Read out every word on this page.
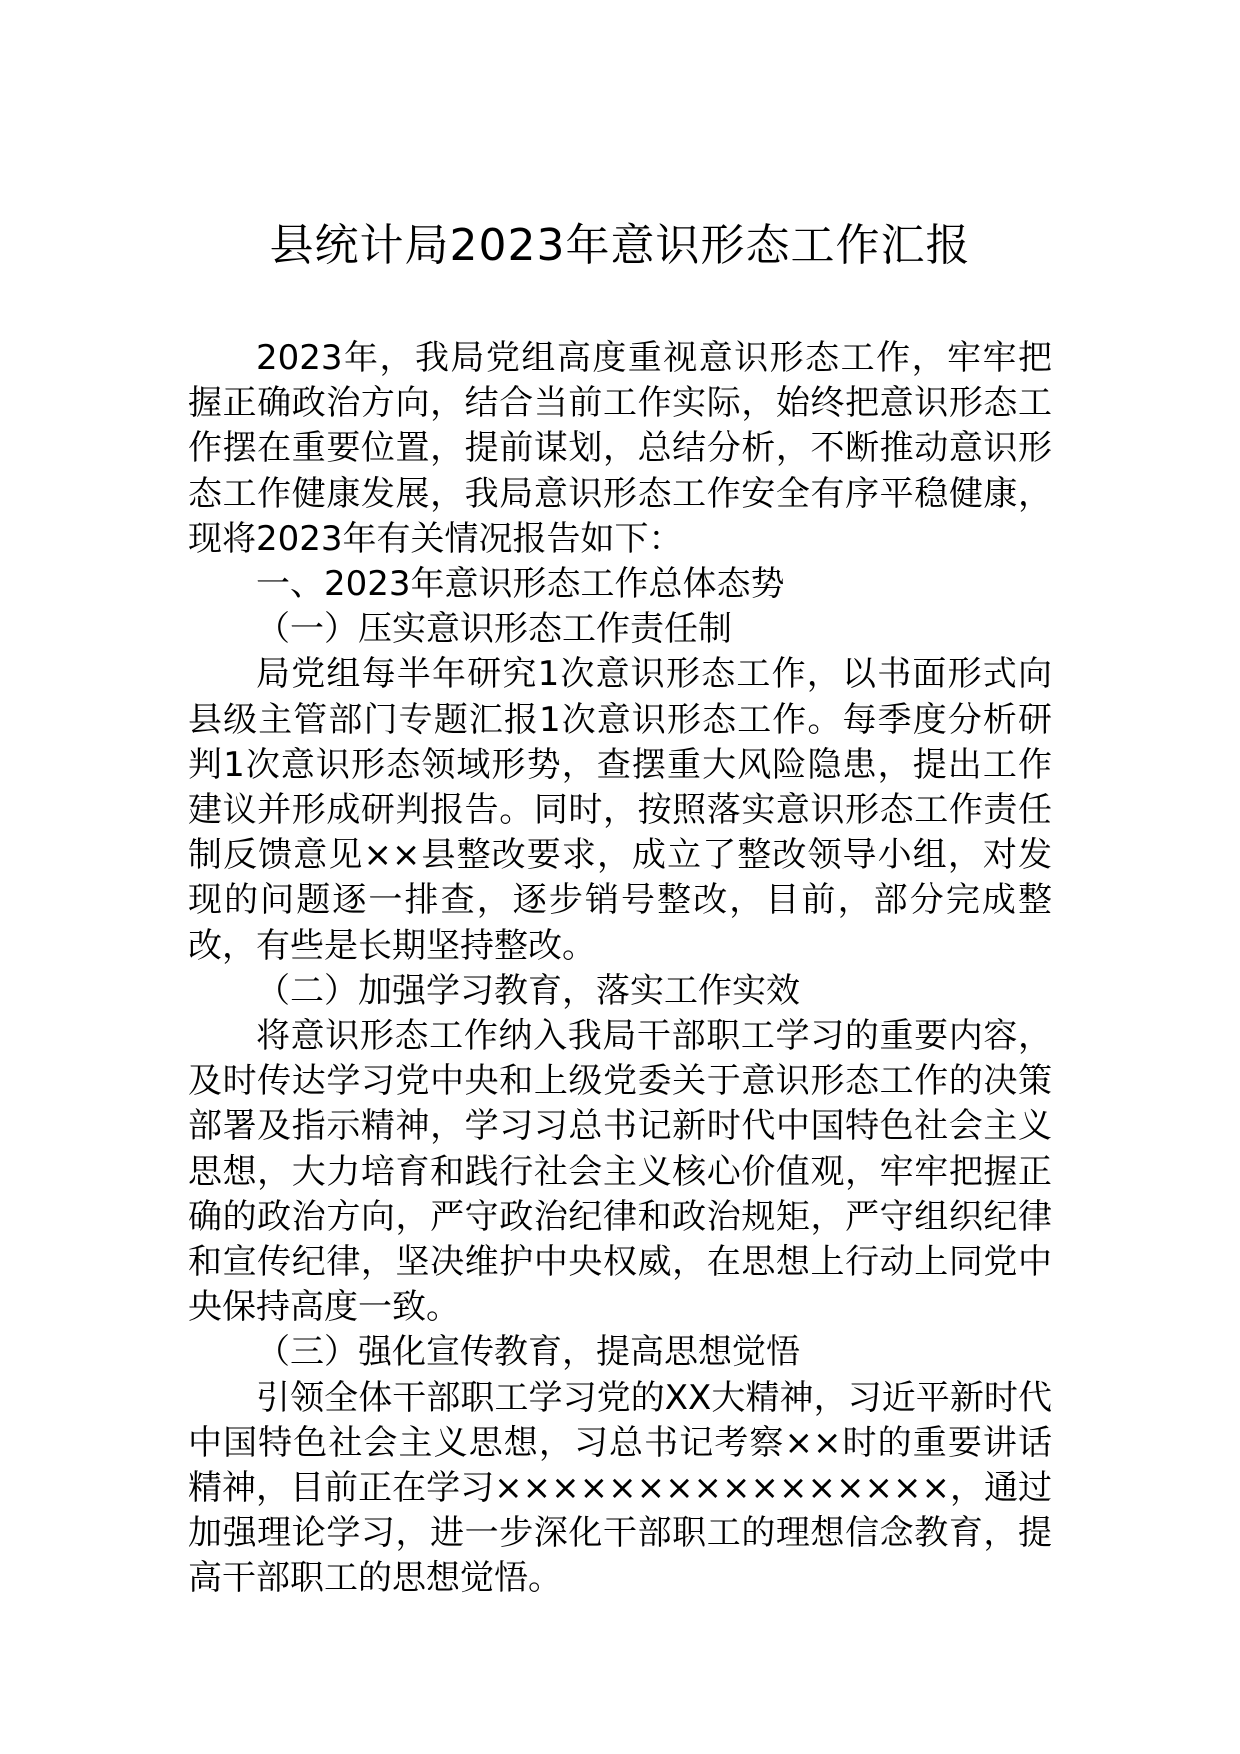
县统计局2023年意识形态工作汇报

2023年，我局党组高度重视意识形态工作，牢牢把握正确政治方向，结合当前工作实际，始终把意识形态工作摆在重要位置，提前谋划，总结分析，不断推动意识形态工作健康发展，我局意识形态工作安全有序平稳健康，现将2023年有关情况报告如下：

一、2023年意识形态工作总体态势

（一）压实意识形态工作责任制

局党组每半年研究1次意识形态工作，以书面形式向县级主管部门专题汇报1次意识形态工作。每季度分析研判1次意识形态领域形势，查摆重大风险隐患，提出工作建议并形成研判报告。同时，按照落实意识形态工作责任制反馈意见××县整改要求，成立了整改领导小组，对发现的问题逐一排查，逐步销号整改，目前，部分完成整改，有些是长期坚持整改。

（二）加强学习教育，落实工作实效

将意识形态工作纳入我局干部职工学习的重要内容，及时传达学习党中央和上级党委关于意识形态工作的决策部署及指示精神，学习习总书记新时代中国特色社会主义思想，大力培育和践行社会主义核心价值观，牢牢把握正确的政治方向，严守政治纪律和政治规矩，严守组织纪律和宣传纪律，坚决维护中央权威，在思想上行动上同党中央保持高度一致。

（三）强化宣传教育，提高思想觉悟

引领全体干部职工学习党的XX大精神，习近平新时代中国特色社会主义思想，习总书记考察××时的重要讲话精神，目前正在学习××××××××××××××××，通过加强理论学习，进一步深化干部职工的理想信念教育，提高干部职工的思想觉悟。
